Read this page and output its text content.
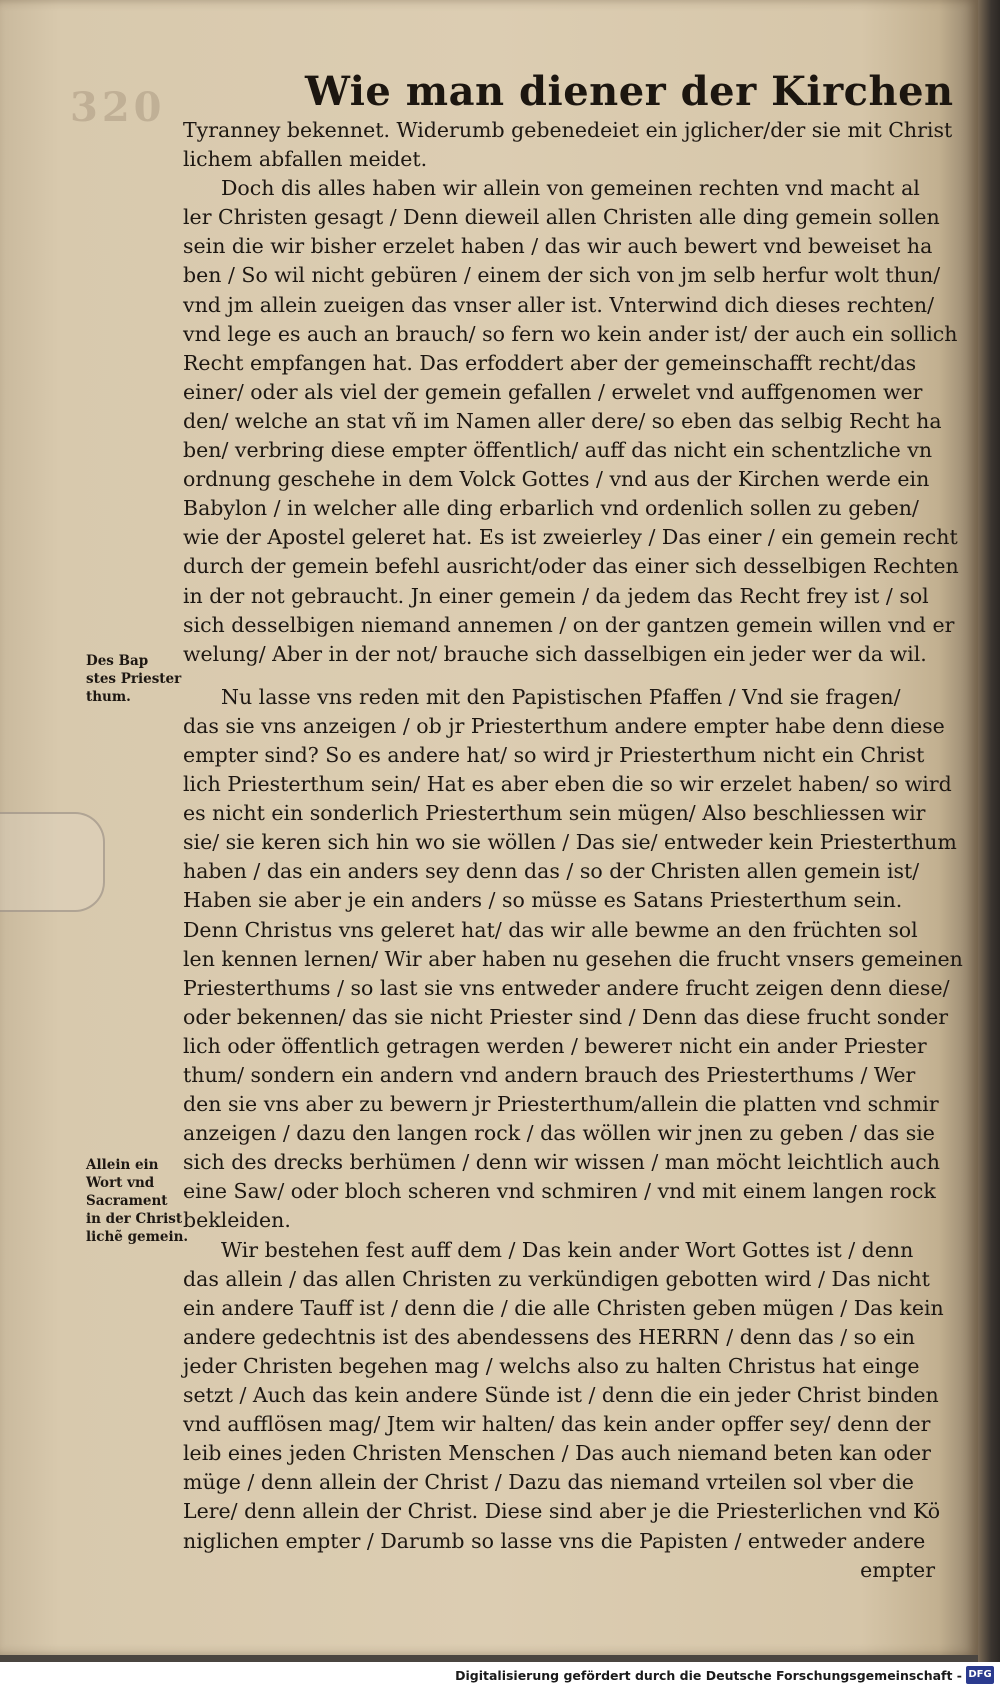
320	Wie man diener der Kirchen
Tyranney bekennet. Widerumb gebenedeiet ein jglicher/der sie mit Christ
lichem abfallen meidet.
Doch dis alles haben wir allein von gemeinen rechten vnd macht al
ler Christen gesagt / Denn dieweil allen Christen alle ding gemein sollen
sein die wir bisher erzelet haben / das wir auch bewert vnd beweiset ha
ben / So wil nicht gebüren / einem der sich von jm selb herfur wolt thun/
vnd jm allein zueigen das vnser aller ist. Vnterwind dich dieses rechten/
vnd lege es auch an brauch/ so fern wo kein ander ist/ der auch ein sollich
Recht empfangen hat. Das erfoddert aber der gemeinschafft recht/das
einer/ oder als viel der gemein gefallen / erwelet vnd auffgenomen wer
den/ welche an stat vñ im Namen aller dere/ so eben das selbig Recht ha
ben/ verbring diese empter öffentlich/ auff das nicht ein schentzliche vn
ordnung geschehe in dem Volck Gottes / vnd aus der Kirchen werde ein
Babylon / in welcher alle ding erbarlich vnd ordenlich sollen zu geben/
wie der Apostel geleret hat. Es ist zweierley / Das einer / ein gemein recht
durch der gemein befehl ausricht/oder das einer sich desselbigen Rechten
in der not gebraucht. Jn einer gemein / da jedem das Recht frey ist / sol
sich desselbigen niemand annemen / on der gantzen gemein willen vnd er
welung/ Aber in der not/ brauche sich dasselbigen ein jeder wer da wil.

Nu lasse vns reden mit den Papistischen Pfaffen / Vnd sie fragen/
das sie vns anzeigen / ob jr Priesterthum andere empter habe denn diese
empter sind? So es andere hat/ so wird jr Priesterthum nicht ein Christ
lich Priesterthum sein/ Hat es aber eben die so wir erzelet haben/ so wird
es nicht ein sonderlich Priesterthum sein mügen/ Also beschliessen wir
sie/ sie keren sich hin wo sie wöllen / Das sie/ entweder kein Priesterthum
haben / das ein anders sey denn das / so der Christen allen gemein ist/
Haben sie aber je ein anders / so müsse es Satans Priesterthum sein.
Denn Christus vns geleret hat/ das wir alle bewme an den früchten sol
len kennen lernen/ Wir aber haben nu gesehen die frucht vnsers gemeinen
Priesterthums / so last sie vns entweder andere frucht zeigen denn diese/
oder bekennen/ das sie nicht Priester sind / Denn das diese frucht sonder
lich oder öffentlich getragen werden / bewerет nicht ein ander Priester
thum/ sondern ein andern vnd andern brauch des Priesterthums / Wer
den sie vns aber zu bewern jr Priesterthum/allein die platten vnd schmir
anzeigen / dazu den langen rock / das wöllen wir jnen zu geben / das sie
sich des drecks berhümen / denn wir wissen / man möcht leichtlich auch
eine Saw/ oder bloch scheren vnd schmiren / vnd mit einem langen rock
bekleiden.
Wir bestehen fest auff dem / Das kein ander Wort Gottes ist / denn
das allein / das allen Christen zu verkündigen gebotten wird / Das nicht
ein andere Tauff ist / denn die / die alle Christen geben mügen / Das kein
andere gedechtnis ist des abendessens des HERRN / denn das / so ein
jeder Christen begehen mag / welchs also zu halten Christus hat einge
setzt / Auch das kein andere Sünde ist / denn die ein jeder Christ binden
vnd aufflösen mag/ Jtem wir halten/ das kein ander opffer sey/ denn der
leib eines jeden Christen Menschen / Das auch niemand beten kan oder
müge / denn allein der Christ / Dazu das niemand vrteilen sol vber die
Lere/ denn allein der Christ. Diese sind aber je die Priesterlichen vnd Kö
niglichen empter / Darumb so lasse vns die Papisten / entweder andere
empter
Des Bap
stes Priester
thum.
Allein ein
Wort vnd
Sacrament
in der Christ
lichẽ gemein.
Digitalisierung gefördert durch die Deutsche Forschungsgemeinschaft - DFG
